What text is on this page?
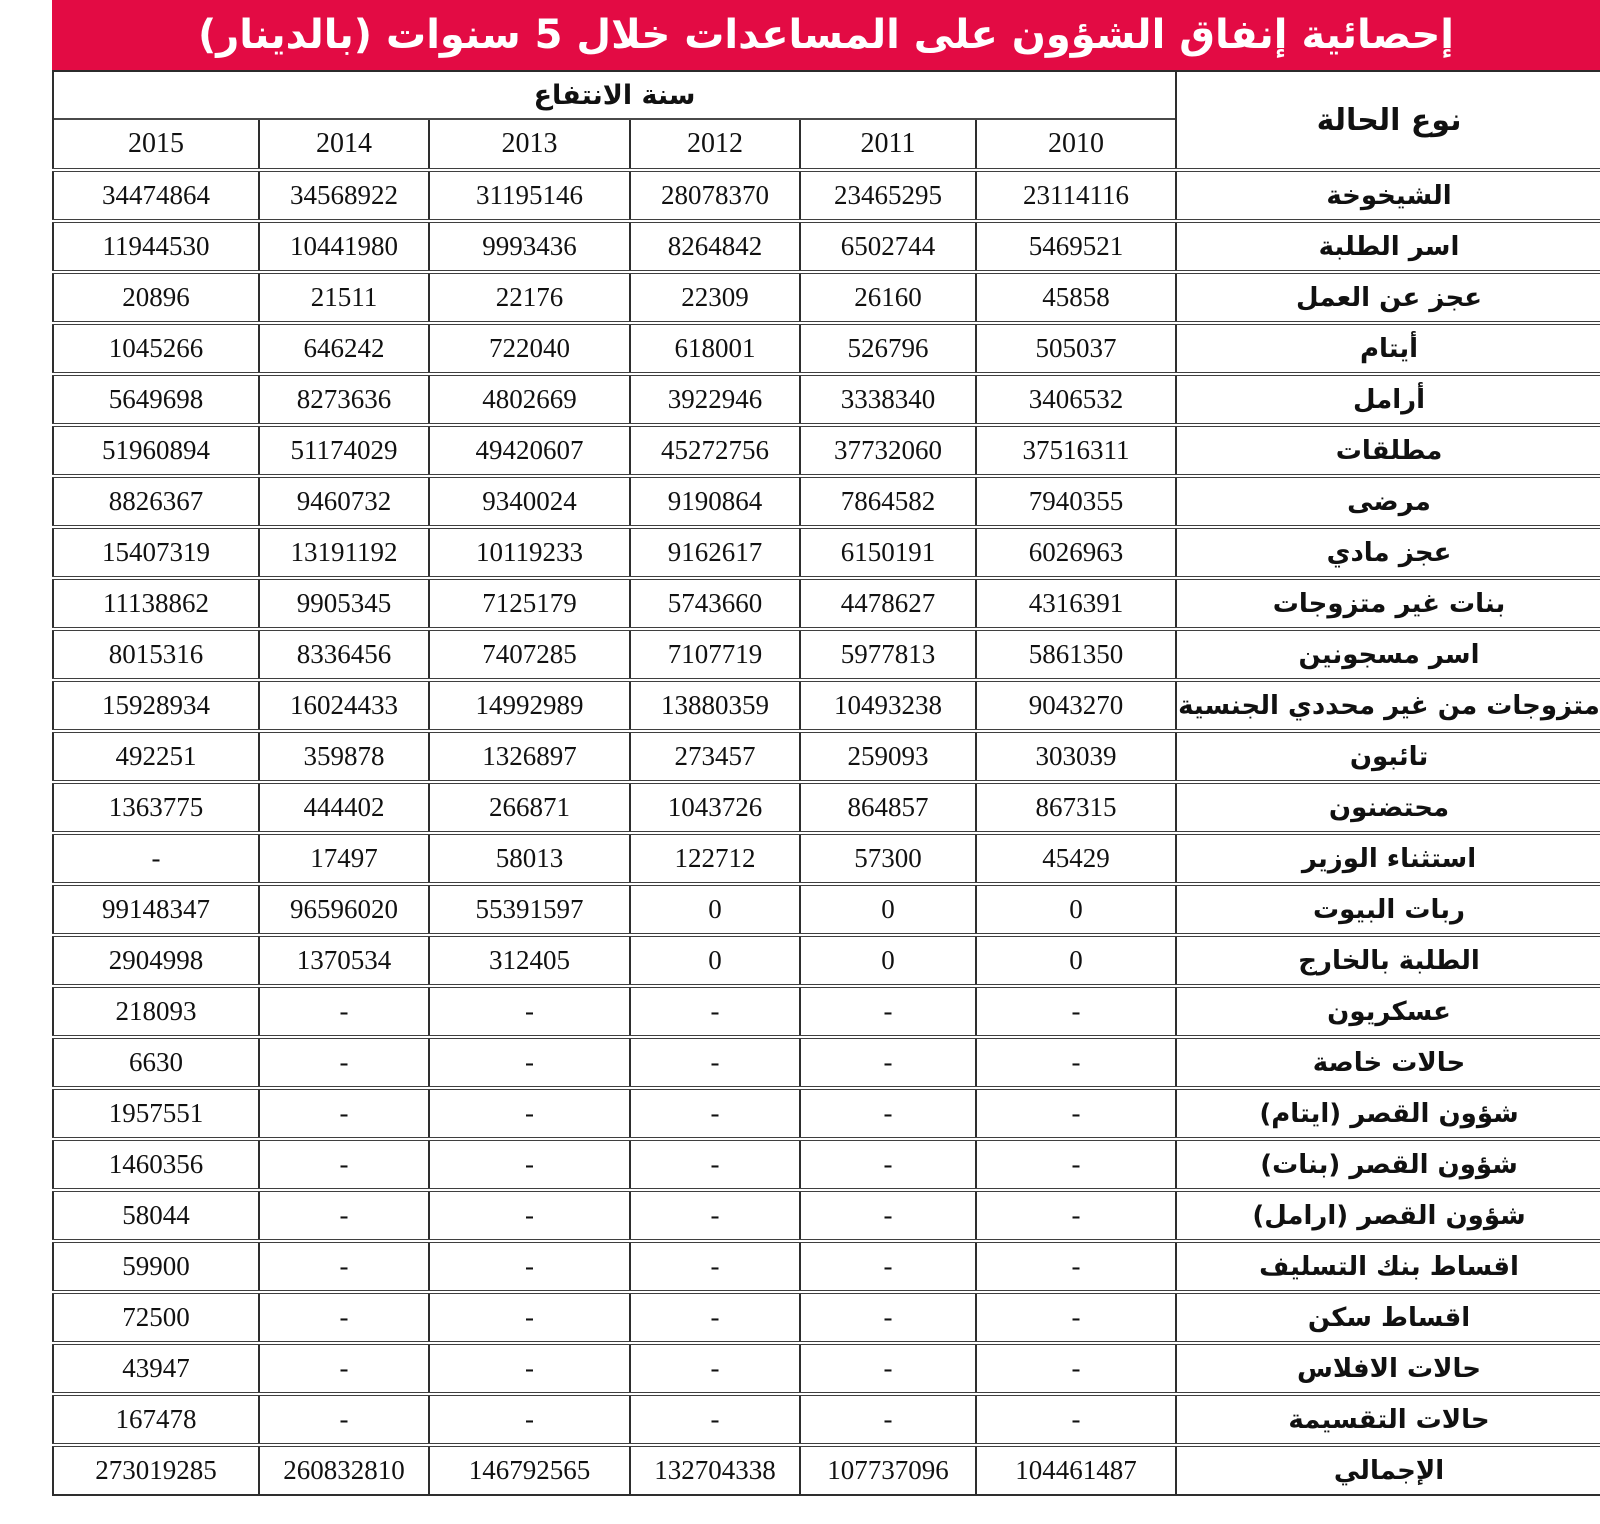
إحصائية إنفاق الشؤون على المساعدات خلال 5 سنوات (بالدينار)
سنة الانتفاع						نوع الحالة
2015	2014	2013	2012	2011	2010	
34474864	34568922	31195146	28078370	23465295	23114116	الشيخوخة
11944530	10441980	9993436	8264842	6502744	5469521	اسر الطلبة
20896	21511	22176	22309	26160	45858	عجز عن العمل
1045266	646242	722040	618001	526796	505037	أيتام
5649698	8273636	4802669	3922946	3338340	3406532	أرامل
51960894	51174029	49420607	45272756	37732060	37516311	مطلقات
8826367	9460732	9340024	9190864	7864582	7940355	مرضى
15407319	13191192	10119233	9162617	6150191	6026963	عجز مادي
11138862	9905345	7125179	5743660	4478627	4316391	بنات غير متزوجات
8015316	8336456	7407285	7107719	5977813	5861350	اسر مسجونين
15928934	16024433	14992989	13880359	10493238	9043270	متزوجات من غير محددي الجنسية
492251	359878	1326897	273457	259093	303039	تائبون
1363775	444402	266871	1043726	864857	867315	محتضنون
-	17497	58013	122712	57300	45429	استثناء الوزير
99148347	96596020	55391597	0	0	0	ربات البيوت
2904998	1370534	312405	0	0	0	الطلبة بالخارج
218093	-	-	-	-	-	عسكريون
6630	-	-	-	-	-	حالات خاصة
1957551	-	-	-	-	-	شؤون القصر (ايتام)
1460356	-	-	-	-	-	شؤون القصر (بنات)
58044	-	-	-	-	-	شؤون القصر (ارامل)
59900	-	-	-	-	-	اقساط بنك التسليف
72500	-	-	-	-	-	اقساط سكن
43947	-	-	-	-	-	حالات الافلاس
167478	-	-	-	-	-	حالات التقسيمة
273019285	260832810	146792565	132704338	107737096	104461487	الإجمالي
